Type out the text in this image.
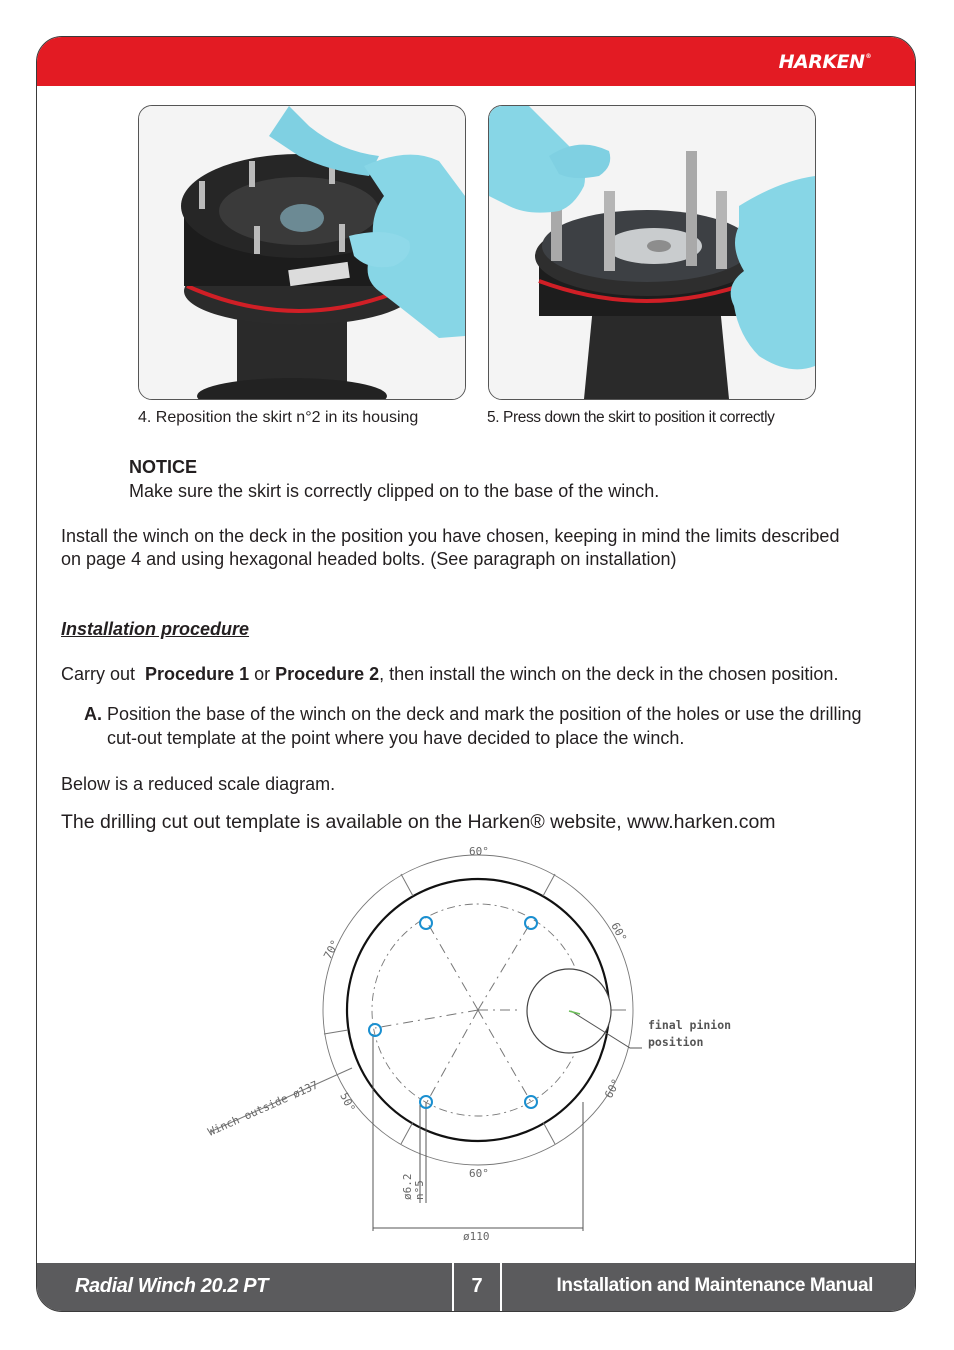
HARKEN®
Radial Winch 20.2 PT	7	Installation and Maintenance Manual
4. Reposition the skirt n°2 in its housing	5. Press down the skirt to position it correctly
NOTICE
Make sure the skirt is correctly clipped on to the base of the winch.
Install the winch on the deck in the position you have chosen, keeping in mind the limits described
on page 4 and using hexagonal headed bolts. (See paragraph on installation)
Installation procedure
Carry out  Procedure 1 or Procedure 2, then install the winch on the deck in the chosen position.
A. Position the base of the winch on the deck and mark the position of the holes or use the drilling
cut-out template at the point where you have decided to place the winch.
Below is a reduced scale diagram.
The drilling cut out template is available on the Harken® website, www.harken.com
60°
60°
60°
60°
50°
70°
Winch outside ø137
ø6.2 n°5
ø110
final pinion
position
